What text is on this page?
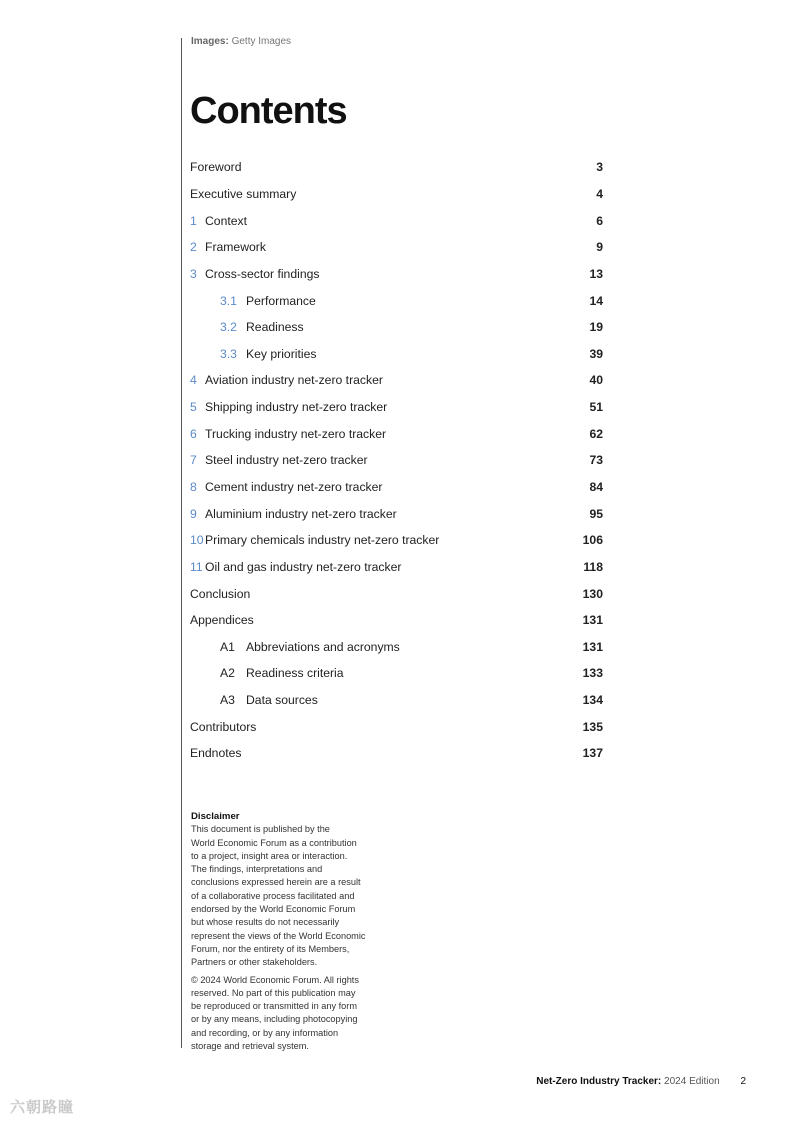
Images: Getty Images
Contents
Foreword	3
Executive summary	4
1 Context	6
2 Framework	9
3 Cross-sector findings	13
3.1 Performance	14
3.2 Readiness	19
3.3 Key priorities	39
4 Aviation industry net-zero tracker	40
5 Shipping industry net-zero tracker	51
6 Trucking industry net-zero tracker	62
7 Steel industry net-zero tracker	73
8 Cement industry net-zero tracker	84
9 Aluminium industry net-zero tracker	95
10 Primary chemicals industry net-zero tracker	106
11 Oil and gas industry net-zero tracker	118
Conclusion	130
Appendices	131
A1 Abbreviations and acronyms	131
A2 Readiness criteria	133
A3 Data sources	134
Contributors	135
Endnotes	137

Disclaimer

This document is published by the
World Economic Forum as a contribution
to a project, insight area or interaction.
The findings, interpretations and
conclusions expressed herein are a result
of a collaborative process facilitated and
endorsed by the World Economic Forum
but whose results do not necessarily
represent the views of the World Economic
Forum, nor the entirety of its Members,
Partners or other stakeholders.
© 2024 World Economic Forum. All rights
reserved. No part of this publication may
be reproduced or transmitted in any form
or by any means, including photocopying
and recording, or by any information
storage and retrieval system.
Net-Zero Industry Tracker: 2024 Edition 2
六朝路瞳
